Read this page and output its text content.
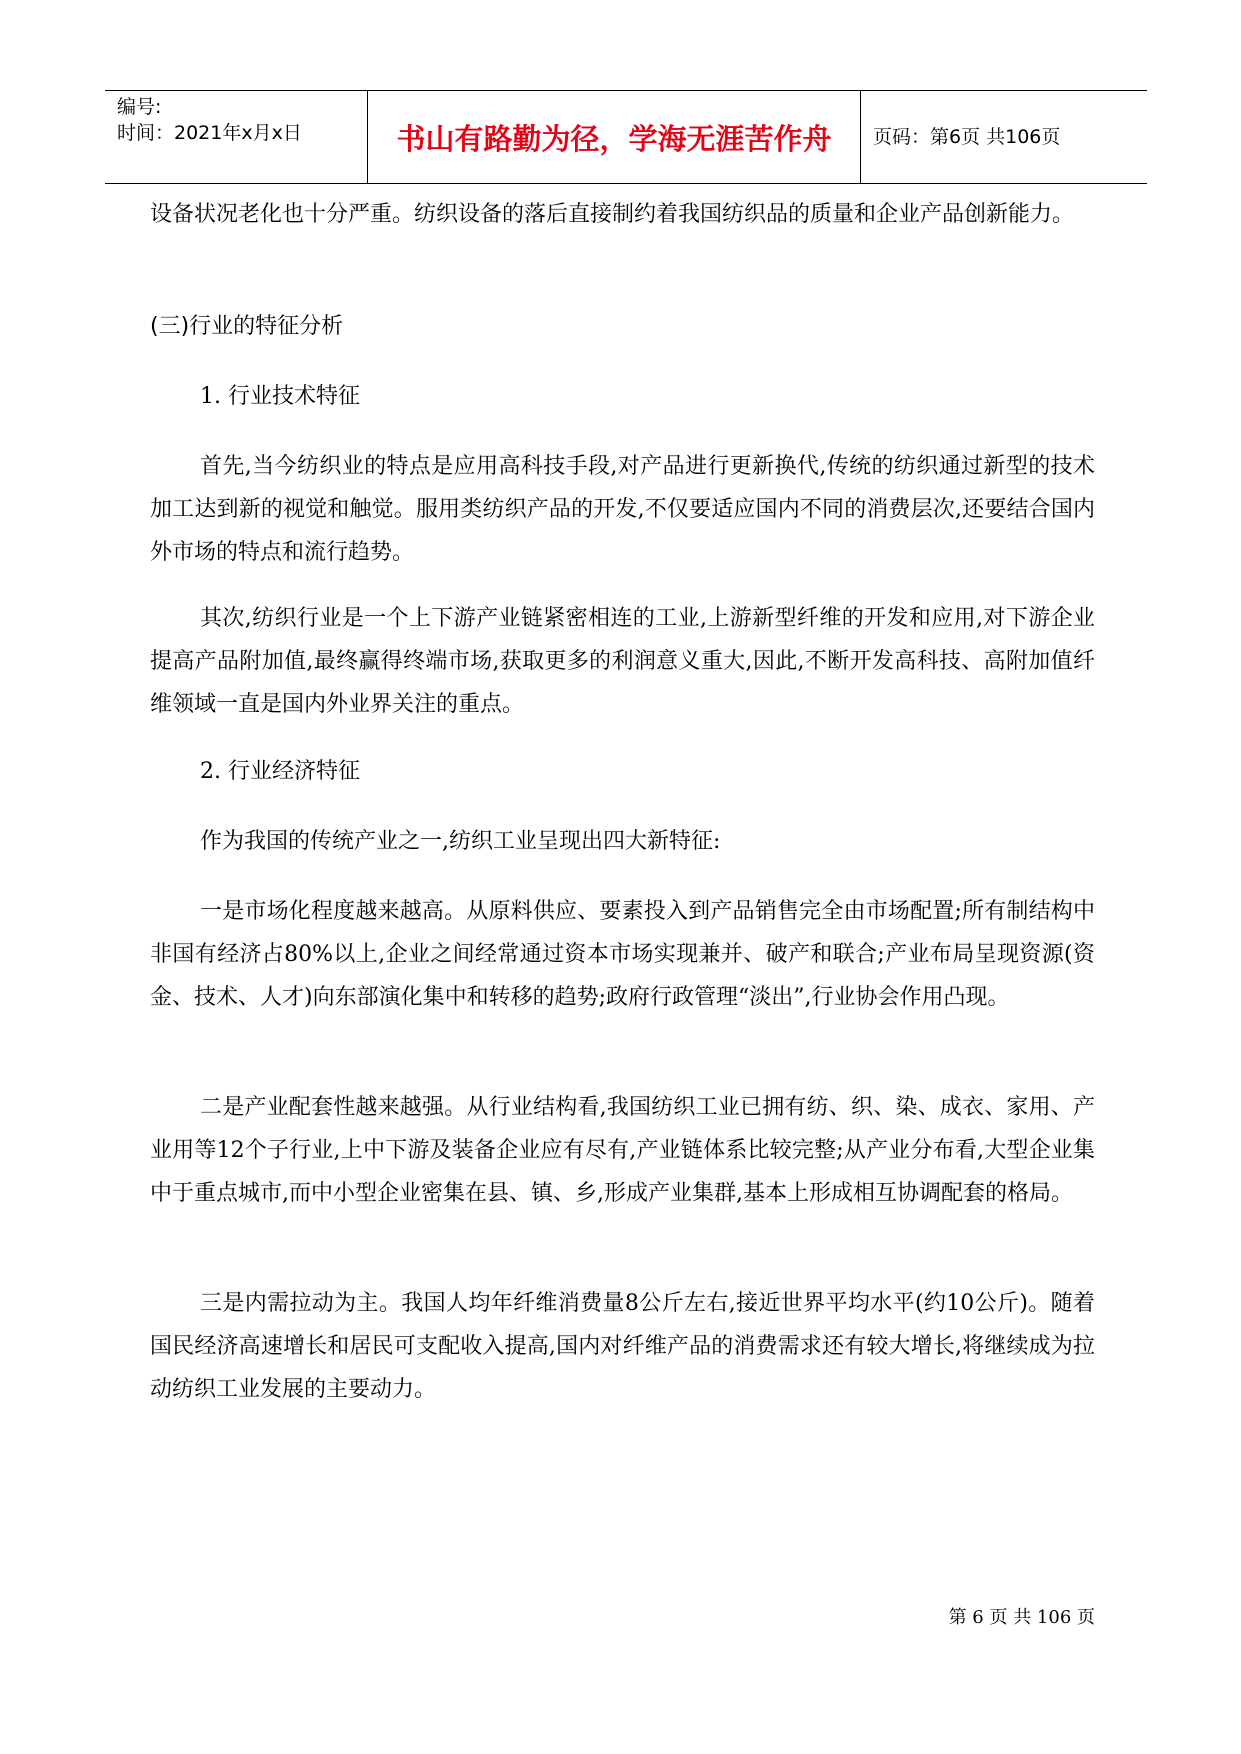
编号:
时间：2021年x月x日	书山有路勤为径，学海无涯苦作舟	页码：第6页 共106页

设备状况老化也十分严重。纺织设备的落后直接制约着我国纺织品的质量和企业产品创新能力。

(三)行业的特征分析

1. 行业技术特征

首先,当今纺织业的特点是应用高科技手段,对产品进行更新换代,传统的纺织通过新型的技术加工达到新的视觉和触觉。服用类纺织产品的开发,不仅要适应国内不同的消费层次,还要结合国内外市场的特点和流行趋势。

其次,纺织行业是一个上下游产业链紧密相连的工业,上游新型纤维的开发和应用,对下游企业提高产品附加值,最终赢得终端市场,获取更多的利润意义重大,因此,不断开发高科技、高附加值纤维领域一直是国内外业界关注的重点。

2. 行业经济特征

作为我国的传统产业之一,纺织工业呈现出四大新特征:

一是市场化程度越来越高。从原料供应、要素投入到产品销售完全由市场配置;所有制结构中非国有经济占80%以上,企业之间经常通过资本市场实现兼并、破产和联合;产业布局呈现资源(资金、技术、人才)向东部演化集中和转移的趋势;政府行政管理“淡出”,行业协会作用凸现。

二是产业配套性越来越强。从行业结构看,我国纺织工业已拥有纺、织、染、成衣、家用、产业用等12个子行业,上中下游及装备企业应有尽有,产业链体系比较完整;从产业分布看,大型企业集中于重点城市,而中小型企业密集在县、镇、乡,形成产业集群,基本上形成相互协调配套的格局。

三是内需拉动为主。我国人均年纤维消费量8公斤左右,接近世界平均水平(约10公斤)。随着国民经济高速增长和居民可支配收入提高,国内对纤维产品的消费需求还有较大增长,将继续成为拉动纺织工业发展的主要动力。

第 6 页 共 106 页
